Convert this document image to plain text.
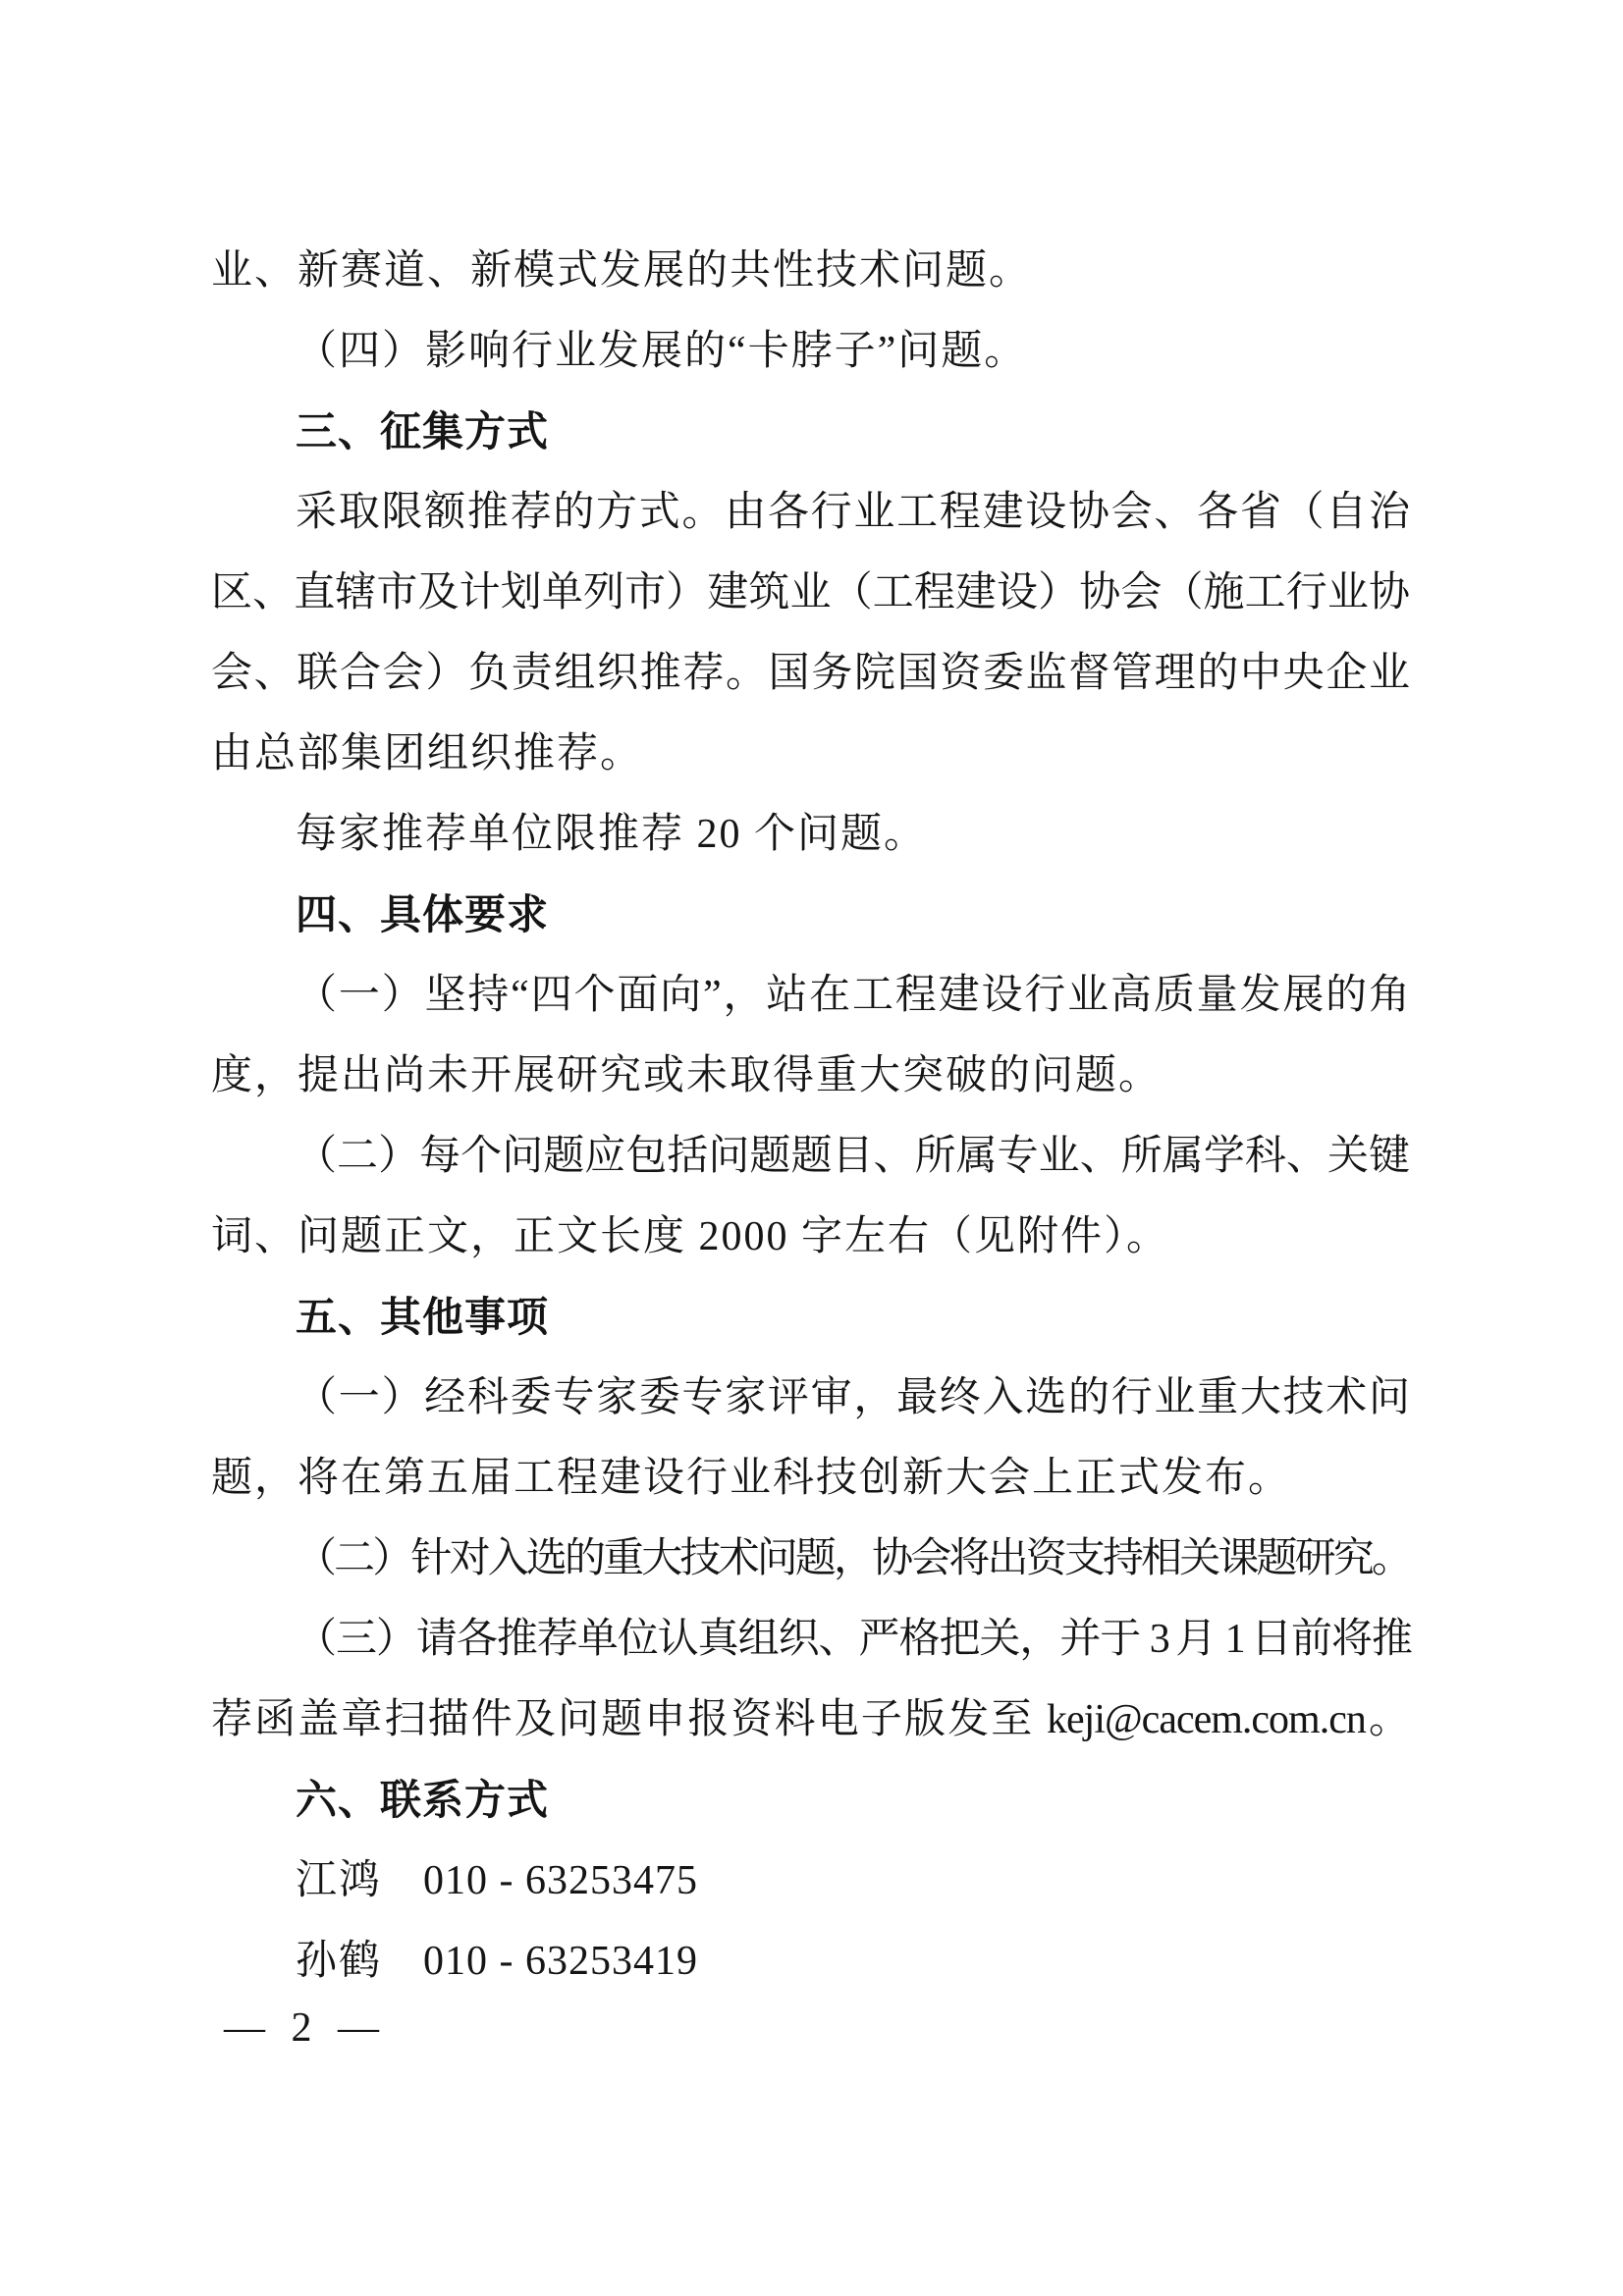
业、新赛道、新模式发展的共性技术问题。
（四）影响行业发展的“卡脖子”问题。
三、征集方式
采取限额推荐的方式。由各行业工程建设协会、各省（自治
区、直辖市及计划单列市）建筑业（工程建设）协会（施工行业协
会、联合会）负责组织推荐。国务院国资委监督管理的中央企业
由总部集团组织推荐。
每家推荐单位限推荐 20 个问题。
四、具体要求
（一）坚持“四个面向”，站在工程建设行业高质量发展的角
度，提出尚未开展研究或未取得重大突破的问题。
（二）每个问题应包括问题题目、所属专业、所属学科、关键
词、问题正文，正文长度 2000 字左右（见附件）。
五、其他事项
（一）经科委专家委专家评审，最终入选的行业重大技术问
题，将在第五届工程建设行业科技创新大会上正式发布。
（二）针对入选的重大技术问题，协会将出资支持相关课题研究。
（三）请各推荐单位认真组织、严格把关，并于 3 月 1 日前将推
荐函盖章扫描件及问题申报资料电子版发至 keji@cacem.com.cn。
六、联系方式
江鸿 010 - 63253475
孙鹤 010 - 63253419
— 2 —
